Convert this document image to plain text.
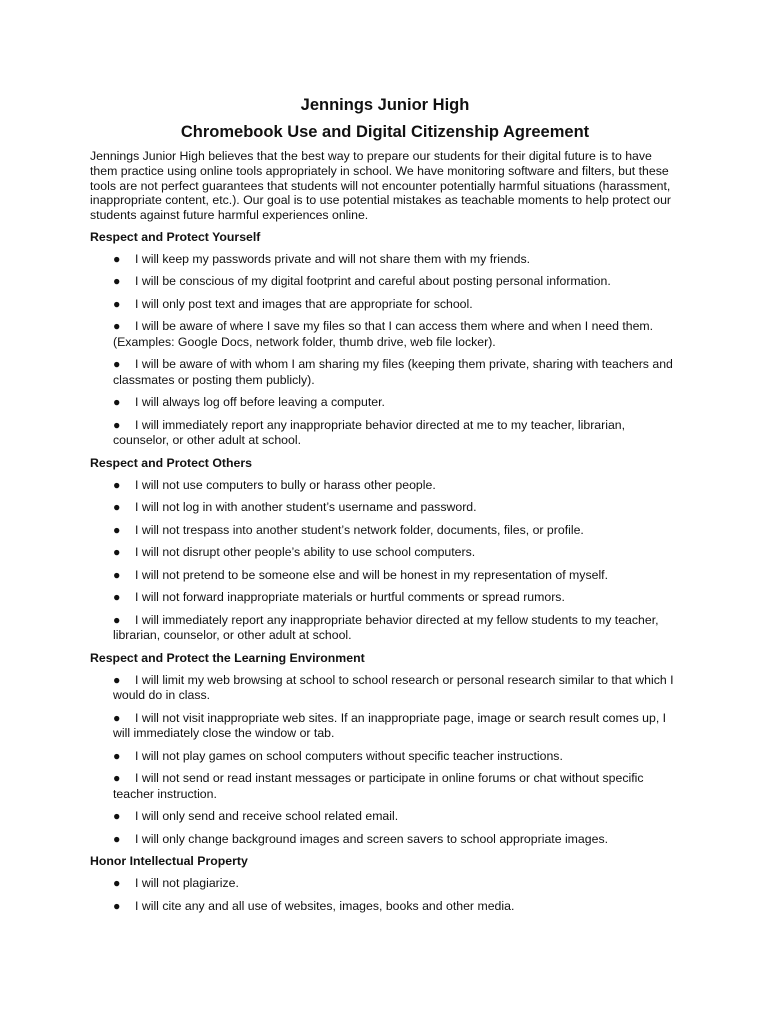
Jennings Junior High
Chromebook Use and Digital Citizenship Agreement
Jennings Junior High believes that the best way to prepare our students for their digital future is to have them practice using online tools appropriately in school. We have monitoring software and filters, but these tools are not perfect guarantees that students will not encounter potentially harmful situations (harassment, inappropriate content, etc.). Our goal is to use potential mistakes as teachable moments to help protect our students against future harmful experiences online.
Respect and Protect Yourself
● I will keep my passwords private and will not share them with my friends.
● I will be conscious of my digital footprint and careful about posting personal information.
● I will only post text and images that are appropriate for school.
● I will be aware of where I save my files so that I can access them where and when I need them. (Examples: Google Docs, network folder, thumb drive, web file locker).
● I will be aware of with whom I am sharing my files (keeping them private, sharing with teachers and classmates or posting them publicly).
● I will always log off before leaving a computer.
● I will immediately report any inappropriate behavior directed at me to my teacher, librarian, counselor, or other adult at school.
Respect and Protect Others
● I will not use computers to bully or harass other people.
● I will not log in with another student’s username and password.
● I will not trespass into another student’s network folder, documents, files, or profile.
● I will not disrupt other people’s ability to use school computers.
● I will not pretend to be someone else and will be honest in my representation of myself.
● I will not forward inappropriate materials or hurtful comments or spread rumors.
● I will immediately report any inappropriate behavior directed at my fellow students to my teacher, librarian, counselor, or other adult at school.
Respect and Protect the Learning Environment
● I will limit my web browsing at school to school research or personal research similar to that which I would do in class.
● I will not visit inappropriate web sites. If an inappropriate page, image or search result comes up, I will immediately close the window or tab.
● I will not play games on school computers without specific teacher instructions.
● I will not send or read instant messages or participate in online forums or chat without specific teacher instruction.
● I will only send and receive school related email.
● I will only change background images and screen savers to school appropriate images.
Honor Intellectual Property
● I will not plagiarize.
● I will cite any and all use of websites, images, books and other media.
